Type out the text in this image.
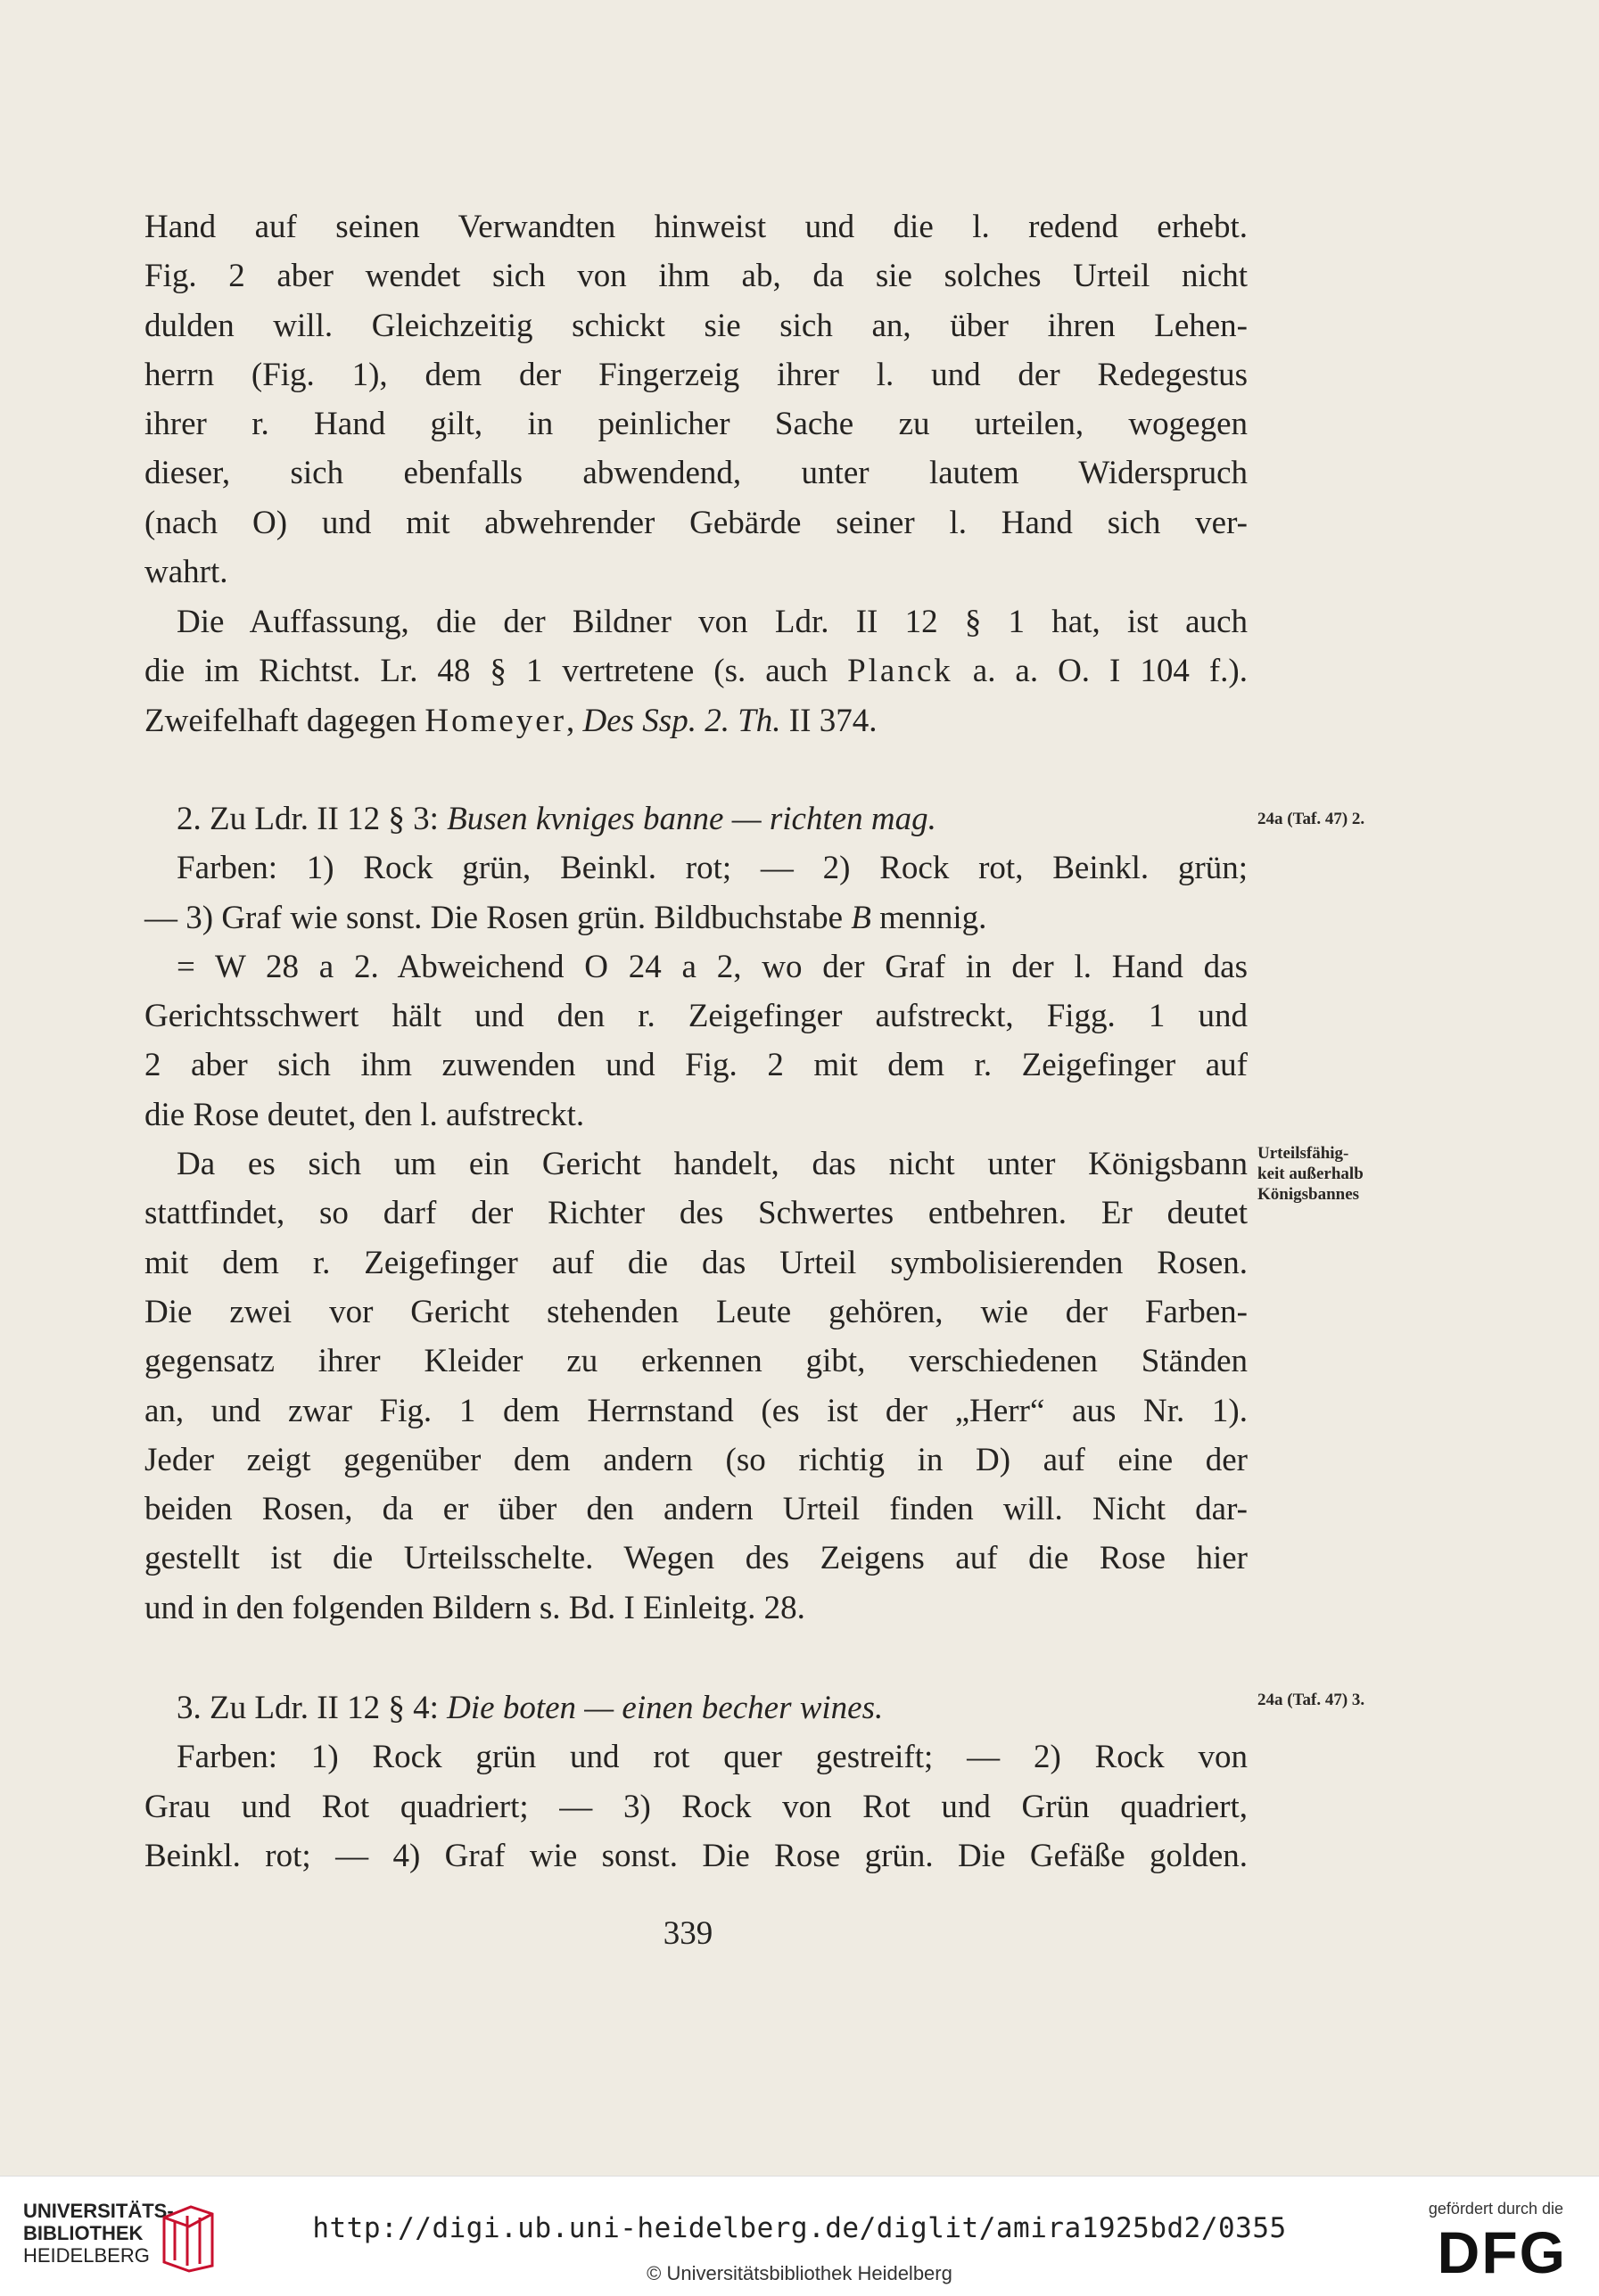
Hand auf seinen Verwandten hinweist und die l. redend erhebt.

Fig. 2 aber wendet sich von ihm ab, da sie solches Urteil nicht

dulden will. Gleichzeitig schickt sie sich an, über ihren Lehen-

herrn (Fig. 1), dem der Fingerzeig ihrer l. und der Redegestus

ihrer r. Hand gilt, in peinlicher Sache zu urteilen, wogegen

dieser, sich ebenfalls abwendend, unter lautem Widerspruch

(nach O) und mit abwehrender Gebärde seiner l. Hand sich ver-

wahrt.

Die Auffassung, die der Bildner von Ldr. II 12 § 1 hat, ist auch

die im Richtst. Lr. 48 § 1 vertretene (s. auch Planck a. a. O. I 104 f.).

Zweifelhaft dagegen Homeyer, Des Ssp. 2. Th. II 374.

2. Zu Ldr. II 12 § 3: Busen kvniges banne — richten mag.

Farben: 1) Rock grün, Beinkl. rot; — 2) Rock rot, Beinkl. grün;

— 3) Graf wie sonst. Die Rosen grün. Bildbuchstabe B mennig.

= W 28 a 2. Abweichend O 24 a 2, wo der Graf in der l. Hand das

Gerichtsschwert hält und den r. Zeigefinger aufstreckt, Figg. 1 und

2 aber sich ihm zuwenden und Fig. 2 mit dem r. Zeigefinger auf

die Rose deutet, den l. aufstreckt.

Da es sich um ein Gericht handelt, das nicht unter Königsbann

stattfindet, so darf der Richter des Schwertes entbehren. Er deutet

mit dem r. Zeigefinger auf die das Urteil symbolisierenden Rosen.

Die zwei vor Gericht stehenden Leute gehören, wie der Farben-

gegensatz ihrer Kleider zu erkennen gibt, verschiedenen Ständen

an, und zwar Fig. 1 dem Herrnstand (es ist der „Herr“ aus Nr. 1).

Jeder zeigt gegenüber dem andern (so richtig in D) auf eine der

beiden Rosen, da er über den andern Urteil finden will. Nicht dar-

gestellt ist die Urteilsschelte. Wegen des Zeigens auf die Rose hier

und in den folgenden Bildern s. Bd. I Einleitg. 28.

24a (Taf. 47) 2.
Urteilsfähig-
keit außerhalb
Königsbannes

3. Zu Ldr. II 12 § 4: Die boten — einen becher wines.

Farben: 1) Rock grün und rot quer gestreift; — 2) Rock von

Grau und Rot quadriert; — 3) Rock von Rot und Grün quadriert,

Beinkl. rot; — 4) Graf wie sonst. Die Rose grün. Die Gefäße golden.

24a (Taf. 47) 3.
339
UNIVERSITÄTS-
BIBLIOTHEK
HEIDELBERG
http://digi.ub.uni-heidelberg.de/diglit/amira1925bd2/0355
© Universitätsbibliothek Heidelberg
gefördert durch die
DFG
